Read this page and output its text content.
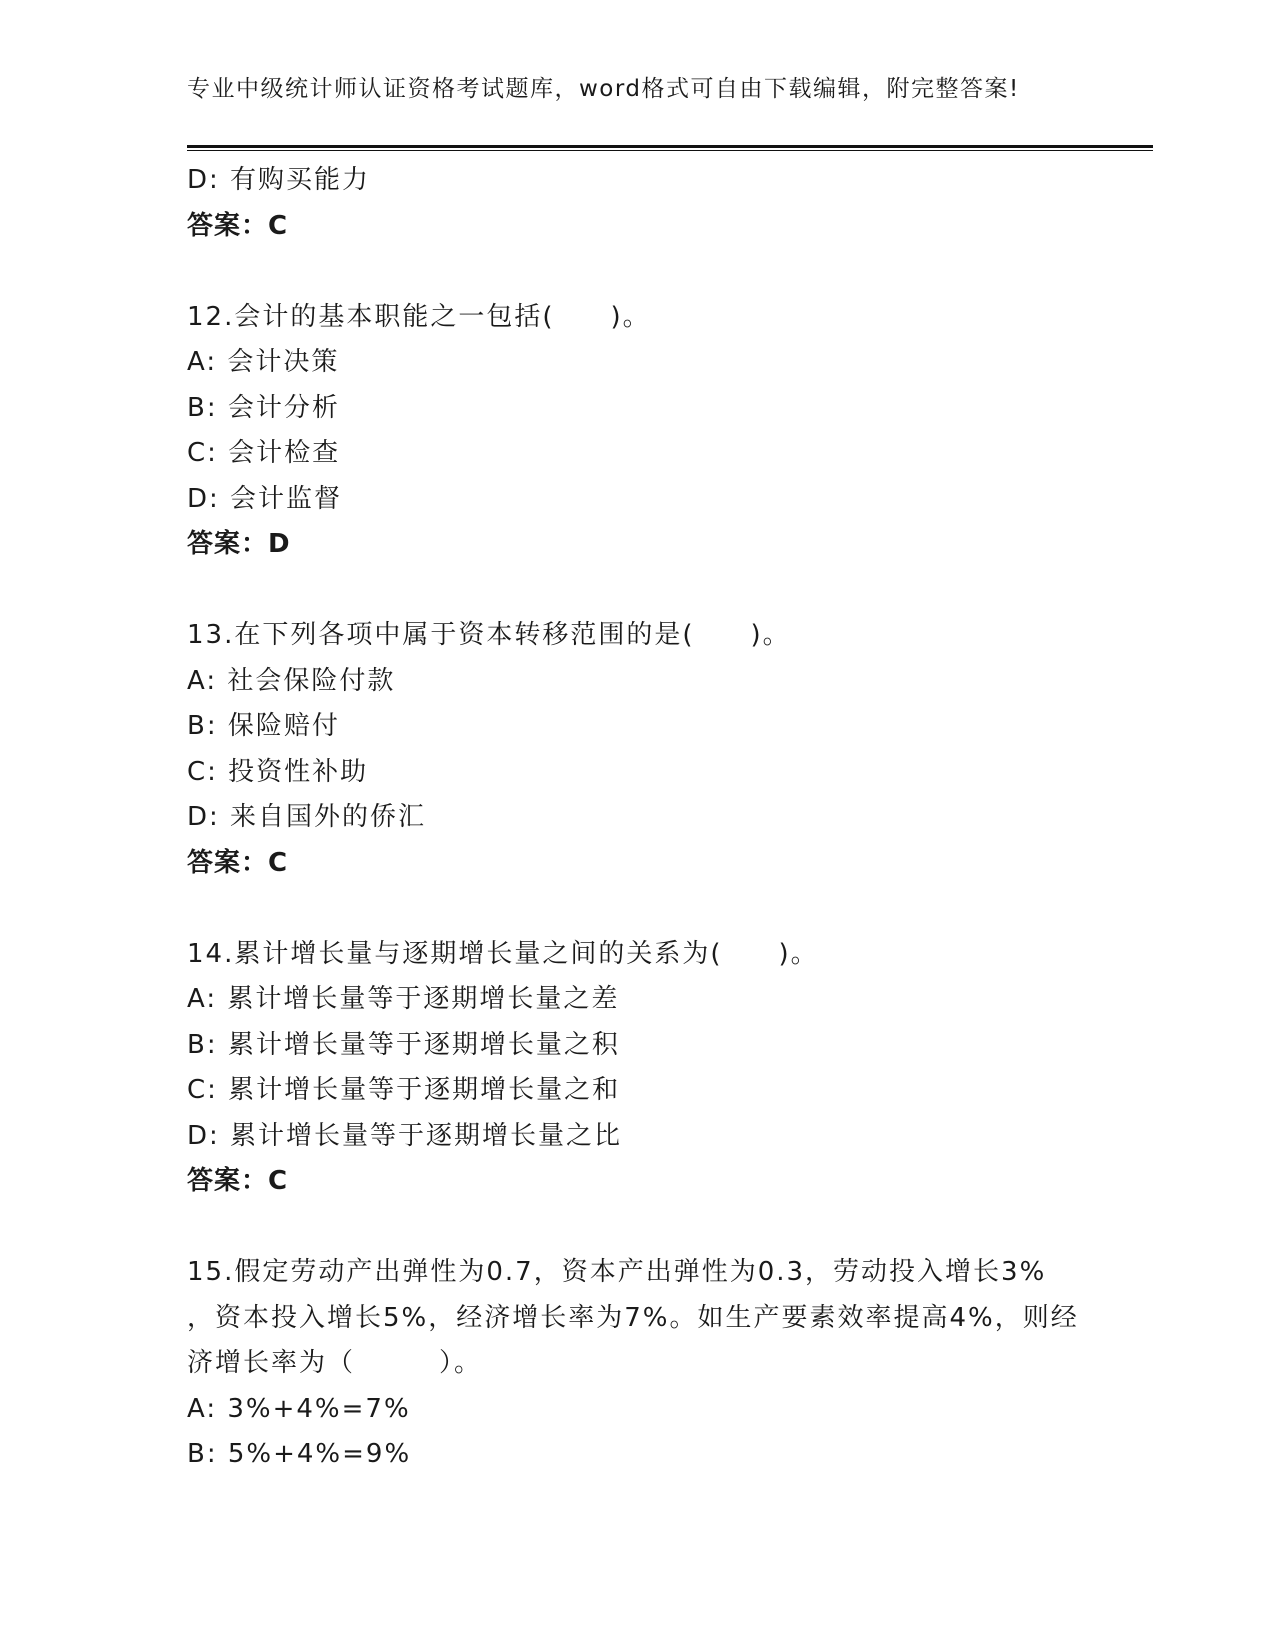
专业中级统计师认证资格考试题库，word格式可自由下载编辑，附完整答案!
D: 有购买能力
答案：C
12.会计的基本职能之一包括(　　)。
A: 会计决策
B: 会计分析
C: 会计检查
D: 会计监督
答案：D
13.在下列各项中属于资本转移范围的是(　　)。
A: 社会保险付款
B: 保险赔付
C: 投资性补助
D: 来自国外的侨汇
答案：C
14.累计增长量与逐期增长量之间的关系为(　　)。
A: 累计增长量等于逐期增长量之差
B: 累计增长量等于逐期增长量之积
C: 累计增长量等于逐期增长量之和
D: 累计增长量等于逐期增长量之比
答案：C
15.假定劳动产出弹性为0.7，资本产出弹性为0.3，劳动投入增长3%
，资本投入增长5%，经济增长率为7%。如生产要素效率提高4%，则经
济增长率为（　　　）。
A: 3%+4%=7%
B: 5%+4%=9%
